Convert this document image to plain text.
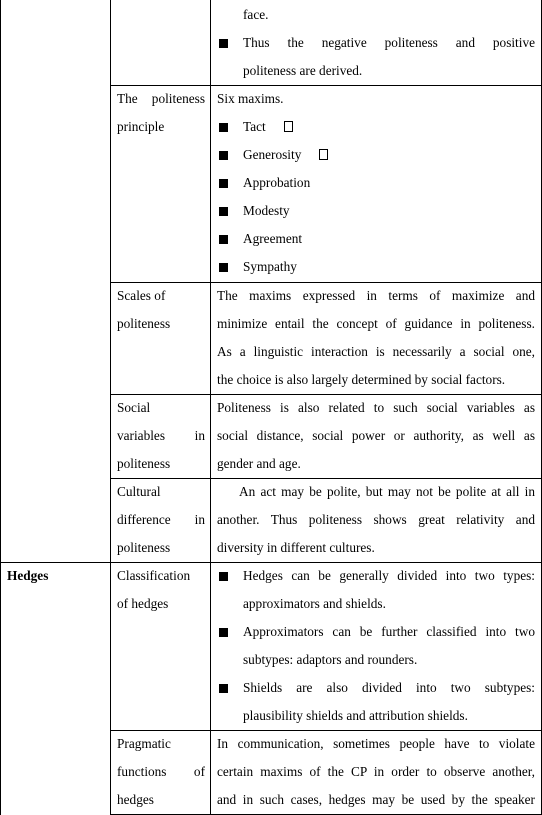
face.
Thus the negative politeness and positive
politeness are derived.
The politeness
principle
Six maxims.
Tact
Generosity
Approbation
Modesty
Agreement
Sympathy
Scales of
politeness
The maxims expressed in terms of maximize and
minimize entail the concept of guidance in politeness.
As a linguistic interaction is necessarily a social one,
the choice is also largely determined by social factors.
Social
variables in
politeness
Politeness is also related to such social variables as
social distance, social power or authority, as well as
gender and age.
Cultural
difference in
politeness
An act may be polite, but may not be polite at all in
another. Thus politeness shows great relativity and
diversity in different cultures.
Hedges	Classification
of hedges
Hedges can be generally divided into two types:
approximators and shields.
Approximators can be further classified into two
subtypes: adaptors and rounders.
Shields are also divided into two subtypes:
plausibility shields and attribution shields.
Pragmatic
functions of
hedges
In communication, sometimes people have to violate
certain maxims of the CP in order to observe another,
and in such cases, hedges may be used by the speaker
